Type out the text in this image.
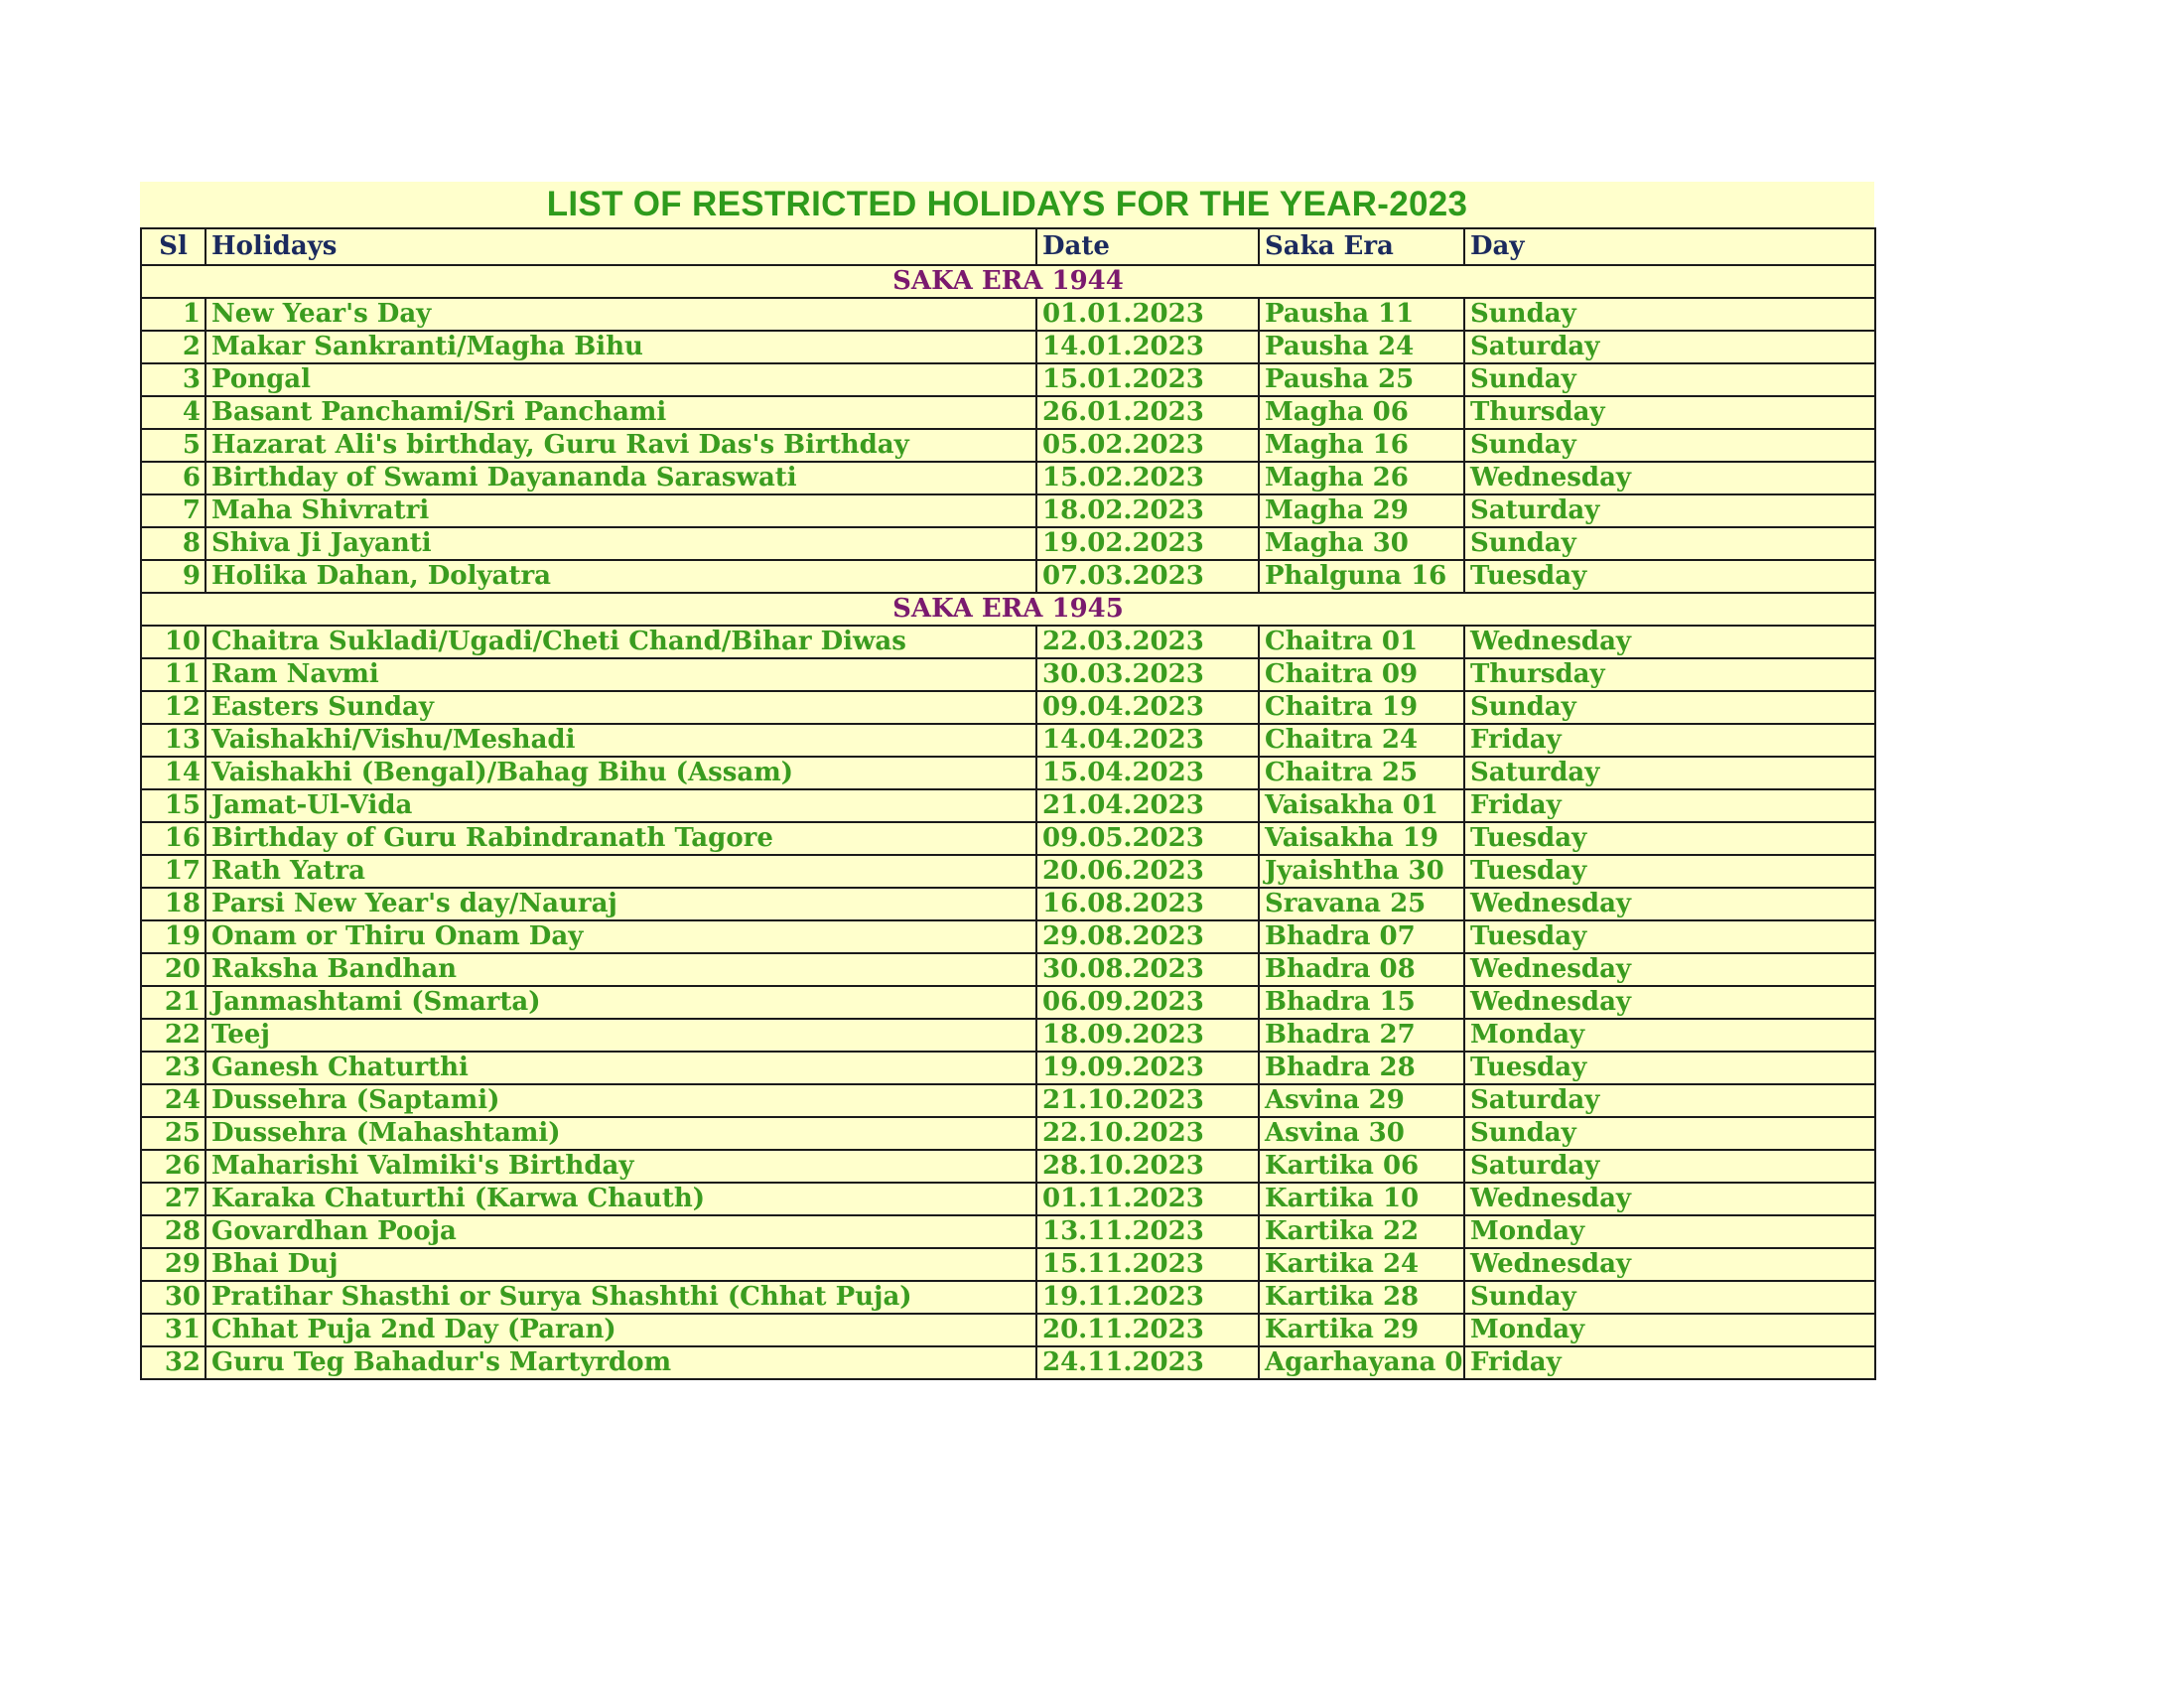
LIST OF RESTRICTED HOLIDAYS FOR THE YEAR-2023
Sl	Holidays	Date	Saka Era	Day
SAKA ERA 1944				
1	New Year's Day	01.01.2023	Pausha 11	Sunday
2	Makar Sankranti/Magha Bihu	14.01.2023	Pausha 24	Saturday
3	Pongal	15.01.2023	Pausha 25	Sunday
4	Basant Panchami/Sri Panchami	26.01.2023	Magha 06	Thursday
5	Hazarat Ali's birthday, Guru Ravi Das's Birthday	05.02.2023	Magha 16	Sunday
6	Birthday of Swami Dayananda Saraswati	15.02.2023	Magha 26	Wednesday
7	Maha Shivratri	18.02.2023	Magha 29	Saturday
8	Shiva Ji Jayanti	19.02.2023	Magha 30	Sunday
9	Holika Dahan, Dolyatra	07.03.2023	Phalguna 16	Tuesday
SAKA ERA 1945				
10	Chaitra Sukladi/Ugadi/Cheti Chand/Bihar Diwas	22.03.2023	Chaitra 01	Wednesday
11	Ram Navmi	30.03.2023	Chaitra 09	Thursday
12	Easters Sunday	09.04.2023	Chaitra 19	Sunday
13	Vaishakhi/Vishu/Meshadi	14.04.2023	Chaitra 24	Friday
14	Vaishakhi (Bengal)/Bahag Bihu (Assam)	15.04.2023	Chaitra 25	Saturday
15	Jamat-Ul-Vida	21.04.2023	Vaisakha 01	Friday
16	Birthday of Guru Rabindranath Tagore	09.05.2023	Vaisakha 19	Tuesday
17	Rath Yatra	20.06.2023	Jyaishtha 30	Tuesday
18	Parsi New Year's day/Nauraj	16.08.2023	Sravana 25	Wednesday
19	Onam or Thiru Onam Day	29.08.2023	Bhadra 07	Tuesday
20	Raksha Bandhan	30.08.2023	Bhadra 08	Wednesday
21	Janmashtami (Smarta)	06.09.2023	Bhadra 15	Wednesday
22	Teej	18.09.2023	Bhadra 27	Monday
23	Ganesh Chaturthi	19.09.2023	Bhadra 28	Tuesday
24	Dussehra (Saptami)	21.10.2023	Asvina 29	Saturday
25	Dussehra (Mahashtami)	22.10.2023	Asvina 30	Sunday
26	Maharishi Valmiki's Birthday	28.10.2023	Kartika 06	Saturday
27	Karaka Chaturthi (Karwa Chauth)	01.11.2023	Kartika 10	Wednesday
28	Govardhan Pooja	13.11.2023	Kartika 22	Monday
29	Bhai Duj	15.11.2023	Kartika 24	Wednesday
30	Pratihar Shasthi or Surya Shashthi (Chhat Puja)	19.11.2023	Kartika 28	Sunday
31	Chhat Puja 2nd Day (Paran)	20.11.2023	Kartika 29	Monday
32	Guru Teg Bahadur's Martyrdom	24.11.2023	Agarhayana 0	Friday
